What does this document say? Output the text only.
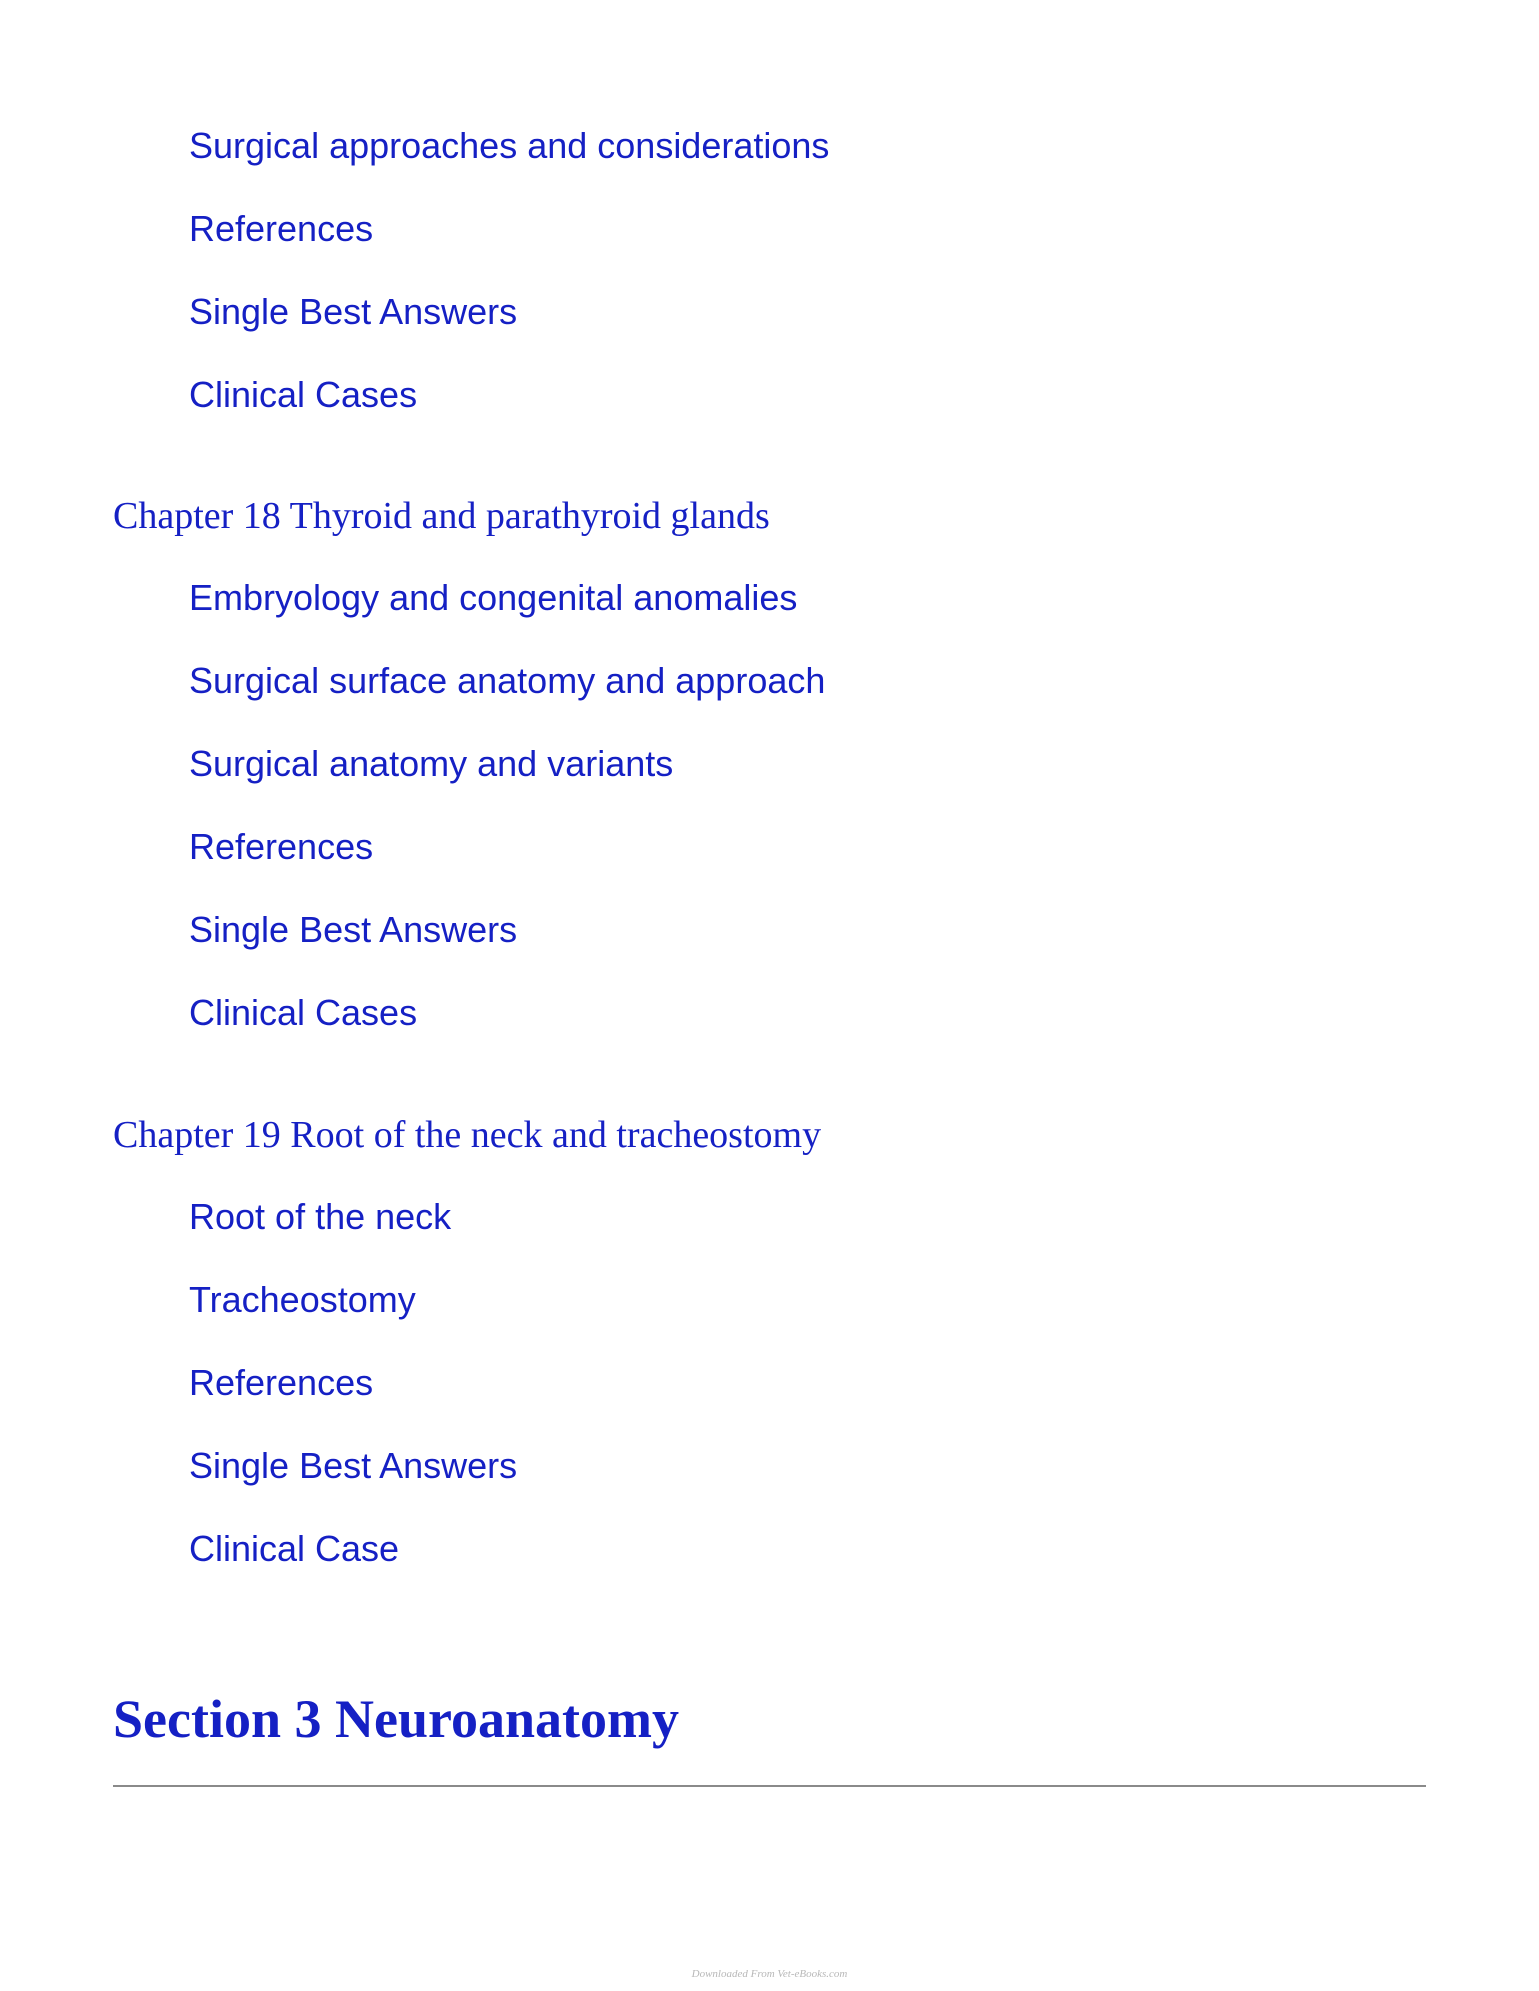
Surgical approaches and considerations
References
Single Best Answers
Clinical Cases
Chapter 18 Thyroid and parathyroid glands
Embryology and congenital anomalies
Surgical surface anatomy and approach
Surgical anatomy and variants
References
Single Best Answers
Clinical Cases
Chapter 19 Root of the neck and tracheostomy
Root of the neck
Tracheostomy
References
Single Best Answers
Clinical Case
Section 3 Neuroanatomy
Downloaded From Vet-eBooks.com
